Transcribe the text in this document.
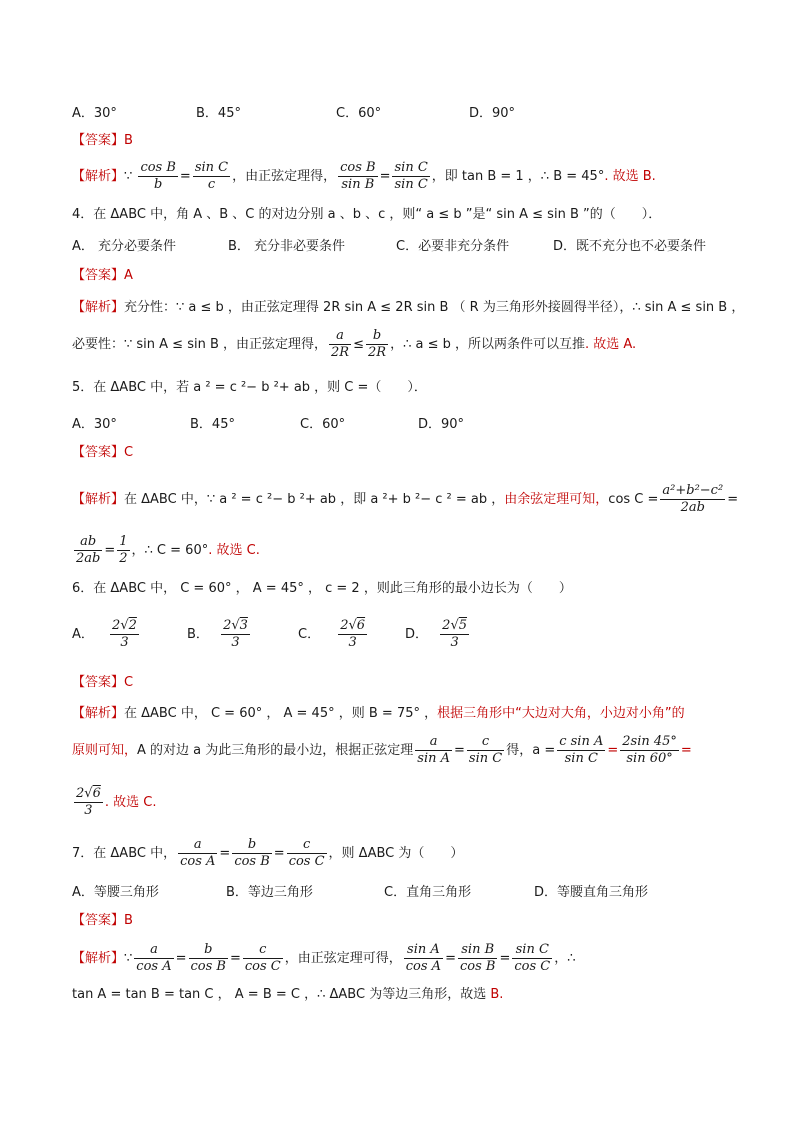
A．30°	B．45°	C．60°	D．90°
【答案】B
【解析】∵ $\frac{\text{cos B}}{b} = \frac{\text{sin C}}{c}$ ，由正弦定理得， $\frac{\text{cos B}}{\text{sin B}} = \frac{\text{sin C}}{\text{sin C}}$ ，即 tan B = 1 ，∴ B = 45°. 故选 B.
4．在 ΔABC 中，角 A 、B 、C 的对边分别 a 、b 、c ，则“ a ≤ b ”是“ sin A ≤ sin B ”的（　　）．
A． 充分必要条件	B． 充分非必要条件	C．必要非充分条件	D．既不充分也不必要条件
【答案】A
【解析】充分性：∵ a ≤ b ，由正弦定理得 2R sin A ≤ 2R sin B （ R 为三角形外接圆得半径），∴ sin A ≤ sin B ，
必要性：∵ sin A ≤ sin B ，由正弦定理得， $\frac{a}{2R} \le \frac{b}{2R}$ ，∴ a ≤ b ，所以两条件可以互推. 故选 A.
5．在 ΔABC 中，若 a ² = c ²− b ²+ ab ，则 C =（　　）．
A．30°	B．45°	C．60°	D．90°
【答案】C
【解析】在 ΔABC 中，∵ a ² = c ²− b ²+ ab ，即 a ²+ b ²− c ² = ab ，由余弦定理可知，$\cos C = \frac{\text{a²+b²−c²}}{2ab}$ =
$\frac{ab}{2ab} = \frac{1}{2}$ ，∴ C = 60°. 故选 C.
6．在 ΔABC 中， C = 60° ， A = 45° ， c = 2 ，则此三角形的最小边长为（　　）
A． $\frac{2√2}{3}$	B． $\frac{2√3}{3}$	C． $\frac{2√6}{3}$	D． $\frac{2√5}{3}$
【答案】C
【解析】在 ΔABC 中， C = 60° ， A = 45° ，则 B = 75° ，根据三角形中“大边对大角，小边对小角”的
原则可知，A 的对边 a 为此三角形的最小边，根据正弦定理 $\frac{a}{\text{sin A}} = \frac{c}{\text{sin C}}$ 得，$a = \frac{\text{c sin A}}{\text{sin C}} = \frac{2\sin 45^\circ}{\sin 60^\circ}$ =
$\frac{2√6}{3}$ . 故选 C.
7．在 ΔABC 中， $\frac{a}{\text{cos A}} = \frac{b}{\text{cos B}} = \frac{c}{\text{cos C}}$ ，则 ΔABC 为（　　）
A．等腰三角形	B．等边三角形	C．直角三角形	D．等腰直角三角形
【答案】B
【解析】∵ $\frac{a}{\text{cos A}} = \frac{b}{\text{cos B}} = \frac{c}{\text{cos C}}$ ，由正弦定理可得， $\frac{\text{sin A}}{\text{cos A}} = \frac{\text{sin B}}{\text{cos B}} = \frac{\text{sin C}}{\text{cos C}}$ ，∴
tan A = tan B = tan C ， A = B = C ，∴ ΔABC 为等边三角形，故选 B.
